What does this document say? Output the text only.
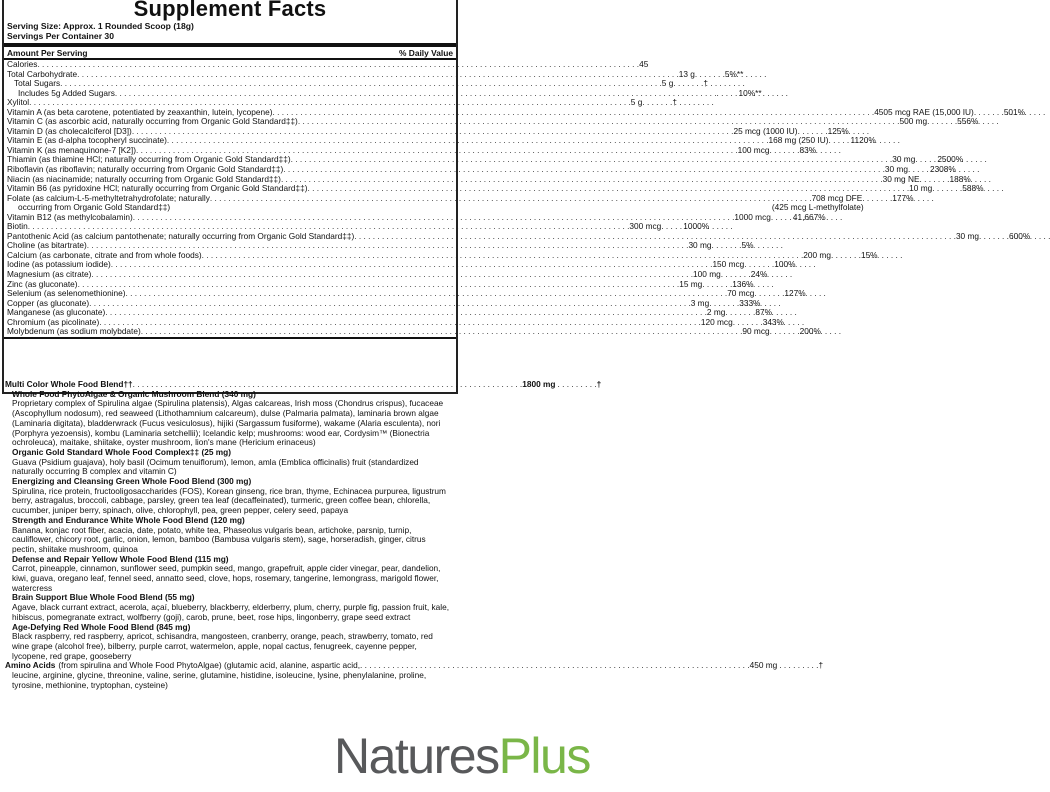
Supplement Facts
Serving Size: Approx. 1 Rounded Scoop (18g)
Servings Per Container 30
Amount Per Serving	% Daily Value
Calories . . .	45
Total Carbohydrate . . .	13 g . . .	5%**
Total Sugars . . .	5 g . . .	†
Includes 5g Added Sugars . . . . . .	10%**
Xylitol . . .	5 g . . .	†
Vitamin A (as beta carotene, potentiated by zeaxanthin, lutein, lycopene) . . .	4505 mcg RAE (15,000 IU) . . .	501%
Vitamin C (as ascorbic acid, naturally occurring from Organic Gold Standard‡‡) . . .	500 mg . . .	556%
Vitamin D (as cholecalciferol [D3]) . . .	25 mcg (1000 IU) . . .	125%
Vitamin E (as d-alpha tocopheryl succinate) . . .	168 mg (250 IU) . . .	1120%
Vitamin K (as menaquinone-7 [K2]) . . .	100 mcg . . .	83%
Thiamin (as thiamine HCl; naturally occurring from Organic Gold Standard‡‡) . . .	30 mg . . .	2500%
Riboflavin (as riboflavin; naturally occurring from Organic Gold Standard‡‡) . . .	30 mg . . .	2308%
Niacin (as niacinamide; naturally occurring from Organic Gold Standard‡‡) . . .	30 mg NE . . .	188%
Vitamin B6 (as pyridoxine HCl; naturally occurring from Organic Gold Standard‡‡) . . .	10 mg . . .	588%
Folate (as calcium-L-5-methyltetrahydrofolate; naturally . . .	708 mcg DFE . . .	177%
occurring from Organic Gold Standard‡‡)	(425 mcg L-methylfolate)
Vitamin B12 (as methylcobalamin) . . .	1000 mcg . . .	41,667%
Biotin . . .	300 mcg . . .	1000%
Pantothenic Acid (as calcium pantothenate; naturally occurring from Organic Gold Standard‡‡) . . .	30 mg . . .	600%
Choline (as bitartrate) . . .	30 mg . . .	5%
Calcium (as carbonate, citrate and from whole foods) . . .	200 mg . . .	15%
Iodine (as potassium iodide) . . .	150 mcg . . .	100%
Magnesium (as citrate) . . .	100 mg . . .	24%
Zinc (as gluconate) . . .	15 mg . . .	136%
Selenium (as selenomethionine) . . .	70 mcg . . .	127%
Copper (as gluconate) . . .	3 mg . . .	333%
Manganese (as gluconate) . . .	2 mg . . .	87%
Chromium (as picolinate) . . .	120 mcg . . .	343%
Molybdenum (as sodium molybdate) . . .	90 mcg . . .	200%
Multi Color Whole Food Blend†† . . .	1800 mg . . . . . . . . . †
Whole Food PhytoAlgae & Organic Mushroom Blend (340 mg)
Proprietary complex of Spirulina algae (Spirulina platensis), Algas calcareas, Irish moss (Chondrus crispus), fucaceae (Ascophyllum nodosum), red seaweed (Lithothamnium calcareum), dulse (Palmaria palmata), laminaria brown algae (Laminaria digitata), bladderwrack (Fucus vesiculosus), hijiki (Sargassum fusiforme), wakame (Alaria esculenta), nori (Porphyra yezoensis), kombu (Laminaria setchellii); Icelandic kelp; mushrooms: wood ear, Cordysim™ (Bionectria ochroleuca), maitake, shiitake, oyster mushroom, lion's mane (Hericium erinaceus)
Organic Gold Standard Whole Food Complex‡‡ (25 mg)
Guava (Psidium guajava), holy basil (Ocimum tenuiflorum), lemon, amla (Emblica officinalis) fruit (standardized naturally occurring B complex and vitamin C)
Energizing and Cleansing Green Whole Food Blend (300 mg)
Spirulina, rice protein, fructooligosaccharides (FOS), Korean ginseng, rice bran, thyme, Echinacea purpurea, ligustrum berry, astragalus, broccoli, cabbage, parsley, green tea leaf (decaffeinated), turmeric, green coffee bean, chlorella, cucumber, juniper berry, spinach, olive, chlorophyll, pea, green pepper, celery seed, papaya
Strength and Endurance White Whole Food Blend (120 mg)
Banana, konjac root fiber, acacia, date, potato, white tea, Phaseolus vulgaris bean, artichoke, parsnip, turnip, cauliflower, chicory root, garlic, onion, lemon, bamboo (Bambusa vulgaris stem), sage, horseradish, ginger, citrus pectin, shiitake mushroom, quinoa
Defense and Repair Yellow Whole Food Blend (115 mg)
Carrot, pineapple, cinnamon, sunflower seed, pumpkin seed, mango, grapefruit, apple cider vinegar, pear, dandelion, kiwi, guava, oregano leaf, fennel seed, annatto seed, clove, hops, rosemary, tangerine, lemongrass, marigold flower, watercress
Brain Support Blue Whole Food Blend (55 mg)
Agave, black currant extract, acerola, açaí, blueberry, blackberry, elderberry, plum, cherry, purple fig, passion fruit, kale, hibiscus, pomegranate extract, wolfberry (goji), carob, prune, beet, rose hips, lingonberry, grape seed extract
Age-Defying Red Whole Food Blend (845 mg)
Black raspberry, red raspberry, apricot, schisandra, mangosteen, cranberry, orange, peach, strawberry, tomato, red wine grape (alcohol free), bilberry, purple carrot, watermelon, apple, nopal cactus, fenugreek, cayenne pepper, lycopene, red grape, gooseberry
Amino Acids (from spirulina and Whole Food PhytoAlgae) (glutamic acid, alanine, aspartic acid, . . .	450 mg . . . . . . . . . †
leucine, arginine, glycine, threonine, valine, serine, glutamine, histidine, isoleucine, lysine, phenylalanine, proline, tyrosine, methionine, tryptophan, cysteine)
NaturesPlus
